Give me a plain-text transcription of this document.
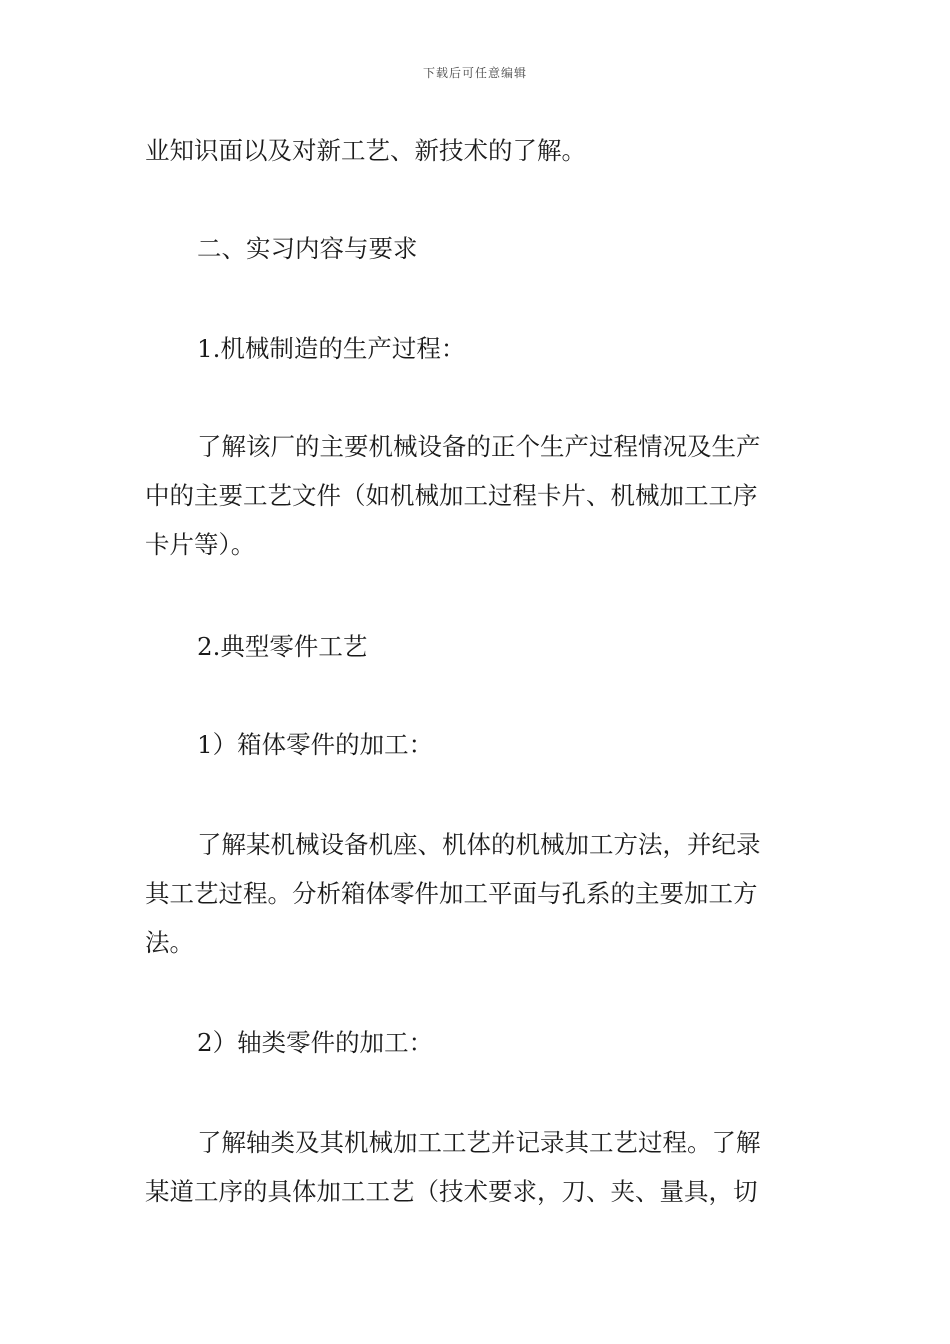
下载后可任意编辑

业知识面以及对新工艺、新技术的了解。

二、实习内容与要求

1.机械制造的生产过程：

了解该厂的主要机械设备的正个生产过程情况及生产
中的主要工艺文件（如机械加工过程卡片、机械加工工序
卡片等）。

2.典型零件工艺

1）箱体零件的加工：

了解某机械设备机座、机体的机械加工方法，并纪录
其工艺过程。分析箱体零件加工平面与孔系的主要加工方
法。

2）轴类零件的加工：

了解轴类及其机械加工工艺并记录其工艺过程。了解
某道工序的具体加工工艺（技术要求，刀、夹、量具，切
